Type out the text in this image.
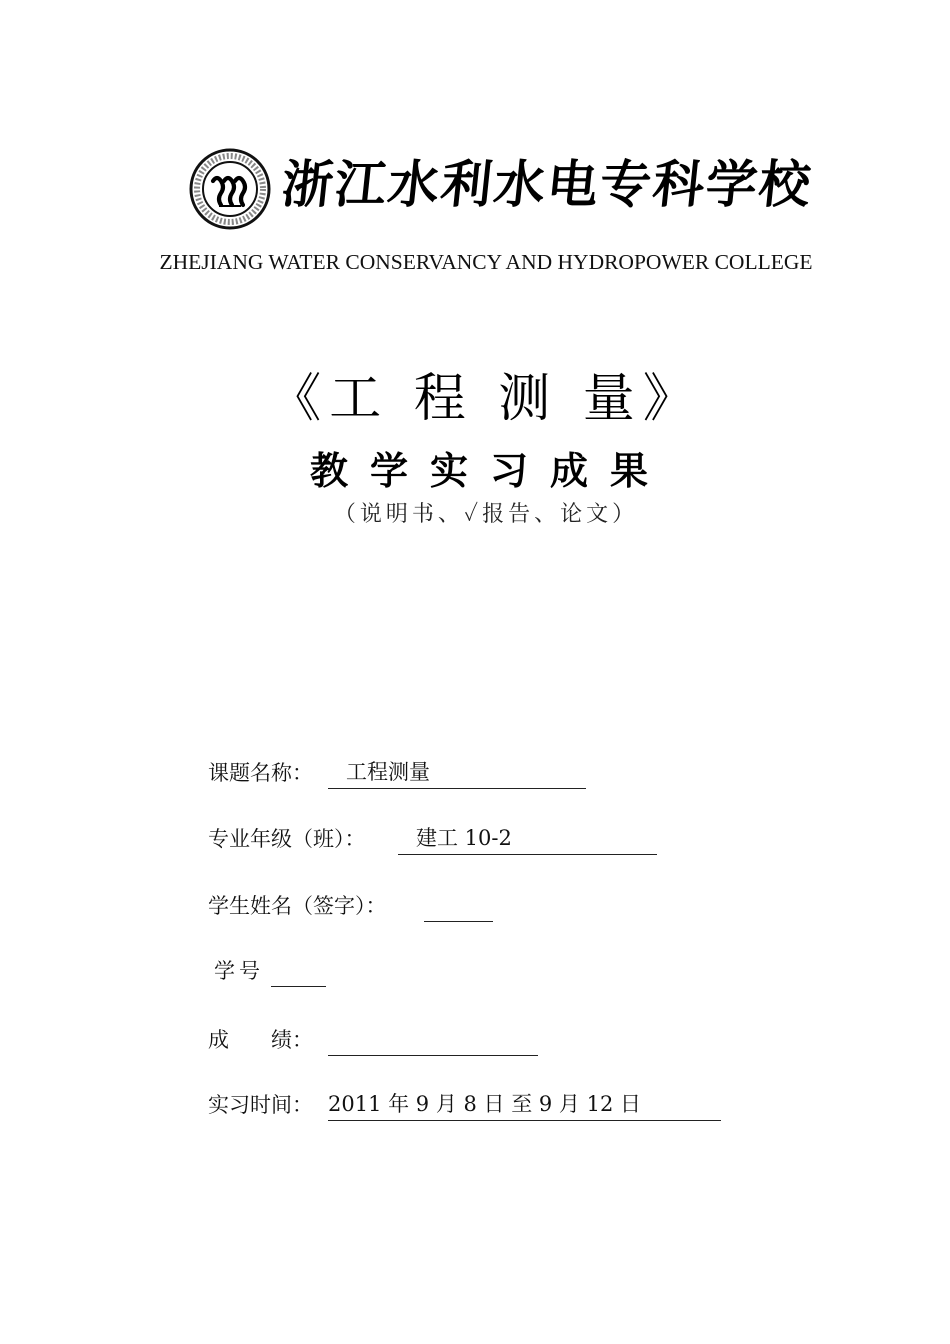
浙江水利水电专科学校
ZHEJIANG WATER CONSERVANCY AND HYDROPOWER COLLEGE
《工 程 测 量》
教学实习成果
（说明书、✓报告、论文）
课题名称：	工程测量
专业年级（班）：	建工 10-2
学生姓名（签字）：
学号
成　　绩：
实习时间： 2011 年 9 月 8 日 至 9 月 12 日
